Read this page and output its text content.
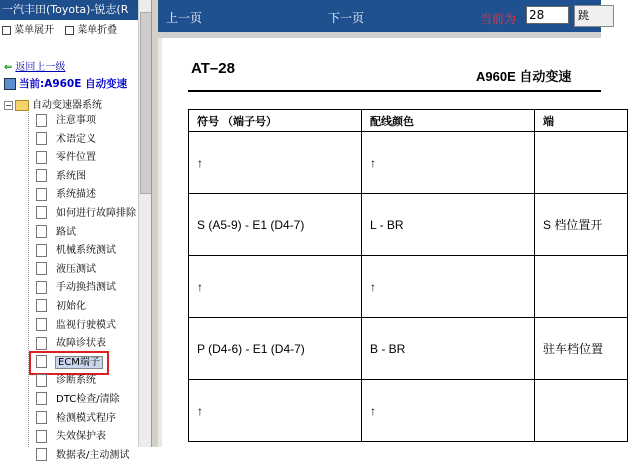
一汽丰田(Toyota)-锐志(R
菜单展开 菜单折叠
⇐ 返回上一级
当前:A960E 自动变速
− 自动变速器系统
注意事项
术语定义
零件位置
系统图
系统描述
如何进行故障排除
路试
机械系统测试
液压测试
手动换挡测试
初始化
监视行驶模式
故障诊状表
ECM端子
诊断系统
DTC检查/清除
检测模式程序
失效保护表
数据表/主动测试
上一页	下一页	当前为
28	跳
AT–28	A960E 自动变速
符号 （端子号）	配线颜色	端
↑	↑	
S (A5-9) - E1 (D4-7)	L - BR	S 档位置开
↑	↑	
P (D4-6) - E1 (D4-7)	B - BR	驻车档位置
↑	↑	
